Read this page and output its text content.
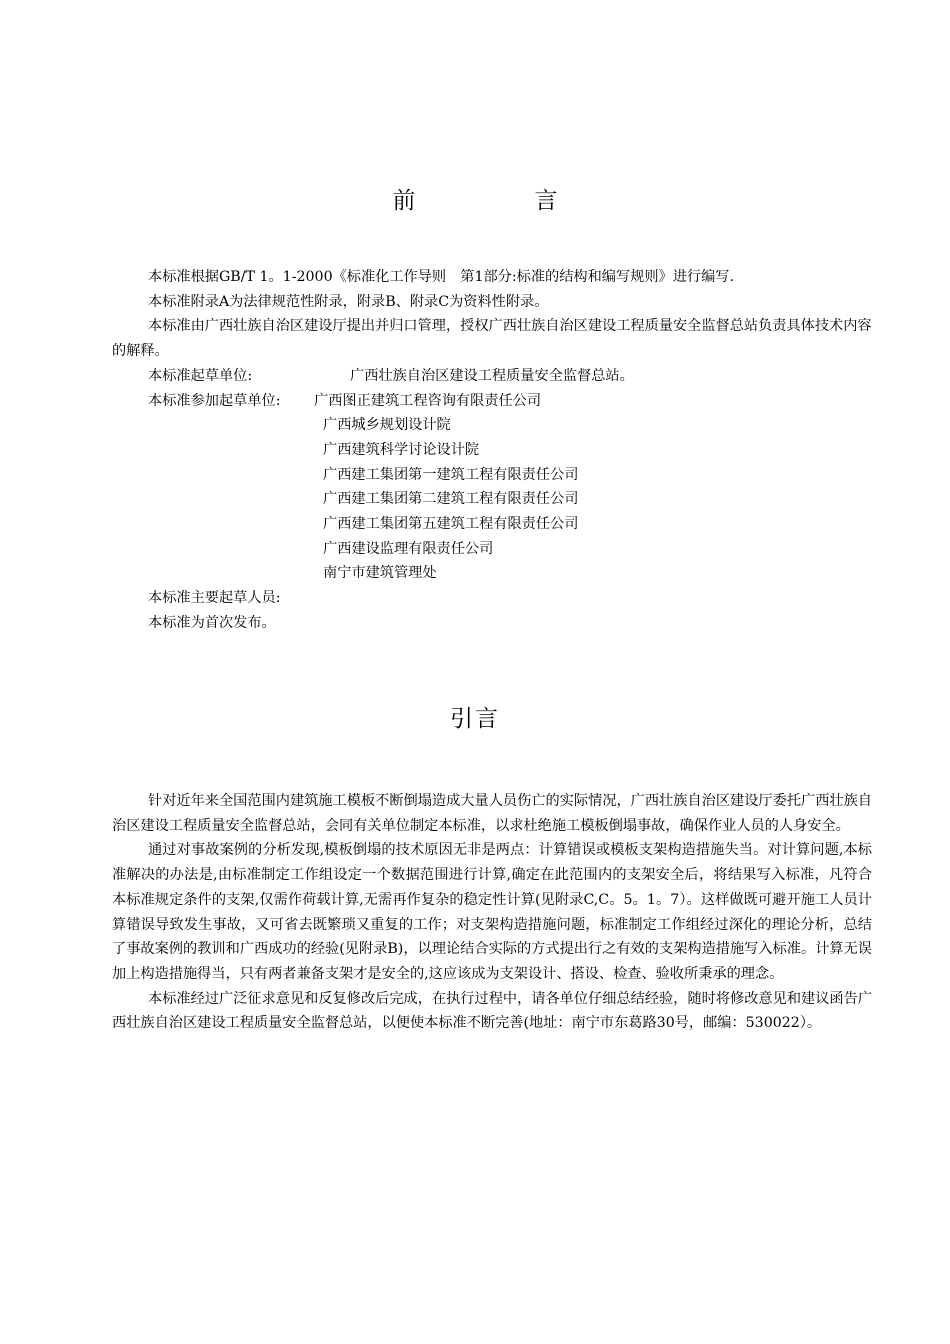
前　言

本标准根据GB/T 1。1-2000《标准化工作导则　第1部分:标准的结构和编写规则》进行编写.

本标准附录A为法律规范性附录，附录B、附录C为资料性附录。

本标准由广西壮族自治区建设厅提出并归口管理，授权广西壮族自治区建设工程质量安全监督总站负责具体技术内容的解释。

本标准起草单位:	广西壮族自治区建设工程质量安全监督总站。
本标准参加起草单位:	广西图正建筑工程咨询有限责任公司
广西城乡规划设计院
广西建筑科学讨论设计院
广西建工集团第一建筑工程有限责任公司
广西建工集团第二建筑工程有限责任公司
广西建工集团第五建筑工程有限责任公司
广西建设监理有限责任公司
南宁市建筑管理处

本标准主要起草人员:

本标准为首次发布。

引言

针对近年来全国范围内建筑施工模板不断倒塌造成大量人员伤亡的实际情况，广西壮族自治区建设厅委托广西壮族自治区建设工程质量安全监督总站，会同有关单位制定本标准，以求杜绝施工模板倒塌事故，确保作业人员的人身安全。

通过对事故案例的分析发现,模板倒塌的技术原因无非是两点：计算错误或模板支架构造措施失当。对计算问题,本标准解决的办法是,由标准制定工作组设定一个数据范围进行计算,确定在此范围内的支架安全后，将结果写入标准，凡符合本标准规定条件的支架,仅需作荷载计算,无需再作复杂的稳定性计算(见附录C,C。5。1。7）。这样做既可避开施工人员计算错误导致发生事故，又可省去既繁琐又重复的工作；对支架构造措施问题，标准制定工作组经过深化的理论分析，总结了事故案例的教训和广西成功的经验(见附录B)，以理论结合实际的方式提出行之有效的支架构造措施写入标准。计算无误加上构造措施得当，只有两者兼备支架才是安全的,这应该成为支架设计、搭设、检查、验收所秉承的理念。

本标准经过广泛征求意见和反复修改后完成，在执行过程中，请各单位仔细总结经验，随时将修改意见和建议函告广西壮族自治区建设工程质量安全监督总站，以便使本标准不断完善(地址：南宁市东葛路30号，邮编：530022）。
